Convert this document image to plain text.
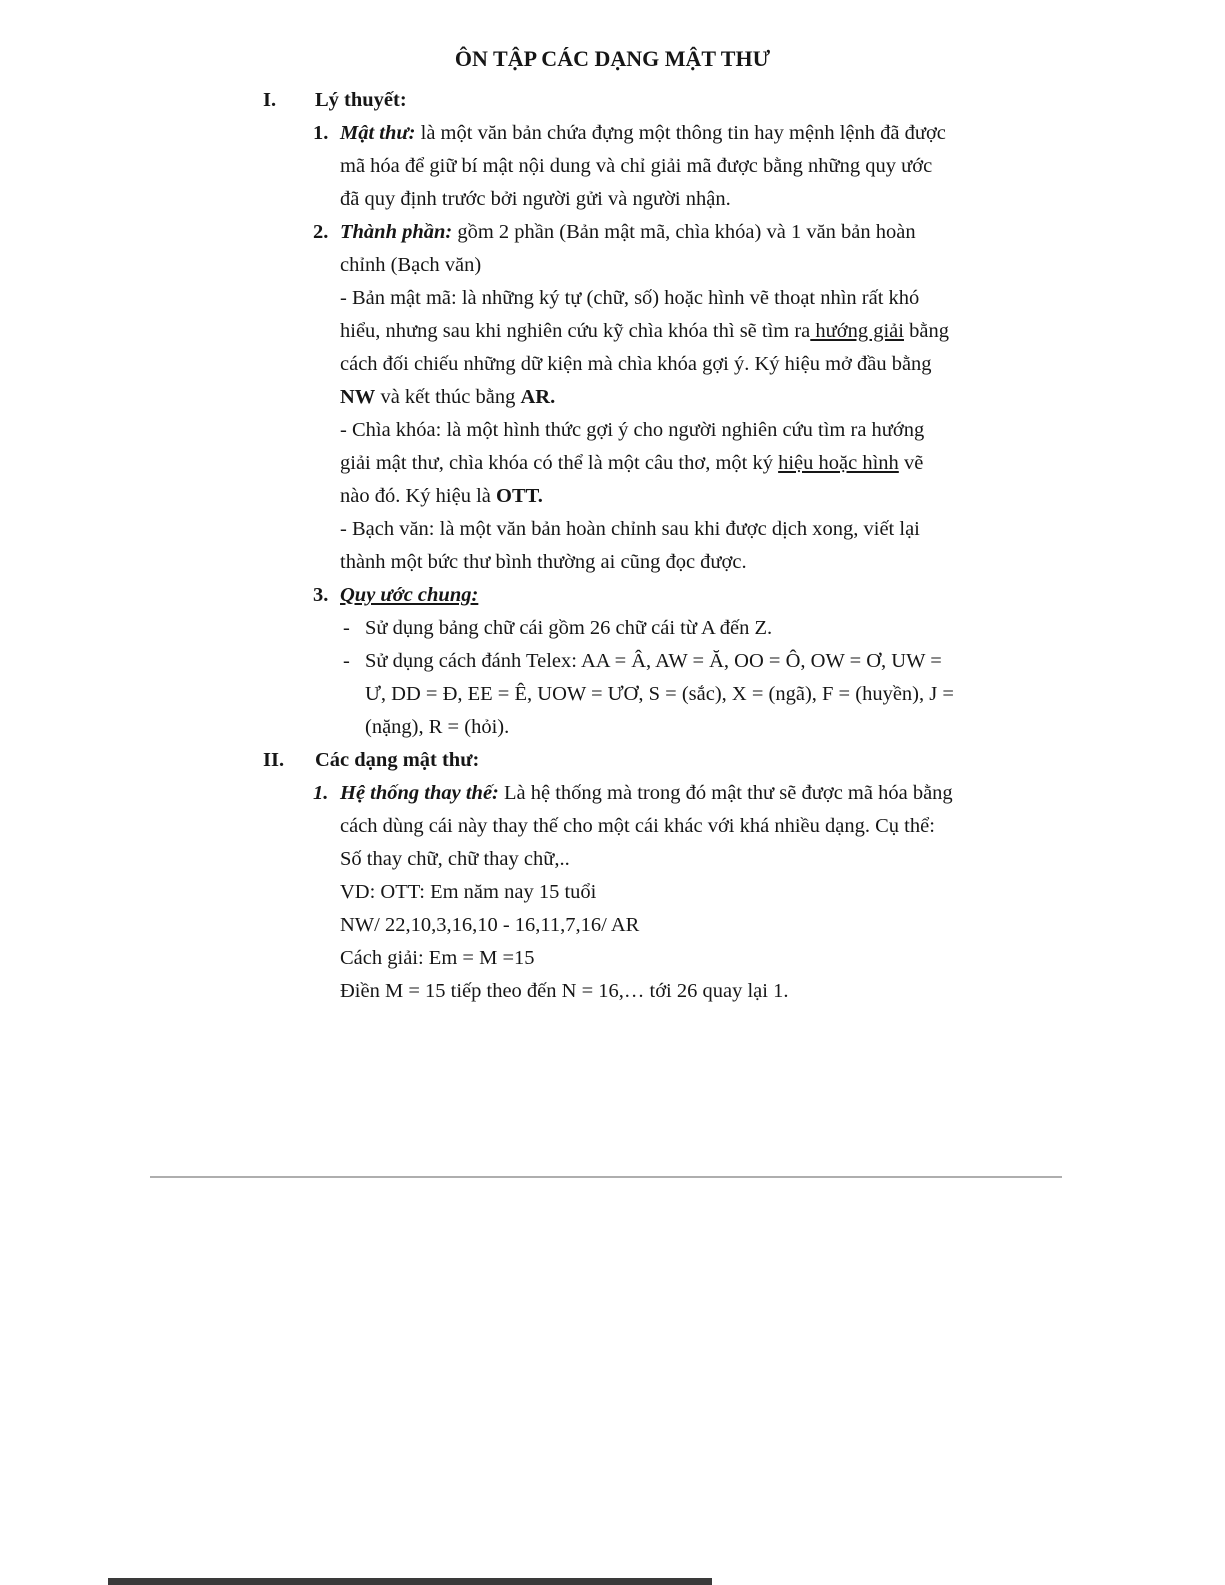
ÔN TẬP CÁC DẠNG MẬT THƯ
I.	Lý thuyết:
1. Mật thư: là một văn bản chứa đựng một thông tin hay mệnh lệnh đã được mã hóa để giữ bí mật nội dung và chỉ giải mã được bằng những quy ước đã quy định trước bởi người gửi và người nhận.

2. Thành phần: gồm 2 phần (Bản mật mã, chìa khóa) và 1 văn bản hoàn chỉnh (Bạch văn)

- Bản mật mã: là những ký tự (chữ, số) hoặc hình vẽ thoạt nhìn rất khó hiểu, nhưng sau khi nghiên cứu kỹ chìa khóa thì sẽ tìm ra hướng giải bằng cách đối chiếu những dữ kiện mà chìa khóa gợi ý. Ký hiệu mở đầu bằng NW và kết thúc bằng AR.

- Chìa khóa: là một hình thức gợi ý cho người nghiên cứu tìm ra hướng giải mật thư, chìa khóa có thể là một câu thơ, một ký hiệu hoặc hình vẽ nào đó. Ký hiệu là OTT.

- Bạch văn: là một văn bản hoàn chỉnh sau khi được dịch xong, viết lại thành một bức thư bình thường ai cũng đọc được.

3. Quy ước chung:

- Sử dụng bảng chữ cái gồm 26 chữ cái từ A đến Z.
- Sử dụng cách đánh Telex: AA = Â, AW = Ă, OO = Ô, OW = Ơ, UW = Ư, DD = Đ, EE = Ê, UOW = ƯƠ, S = (sắc), X = (ngã), F = (huyền), J = (nặng), R = (hỏi).
II.	Các dạng mật thư:
1. Hệ thống thay thế: Là hệ thống mà trong đó mật thư sẽ được mã hóa bằng cách dùng cái này thay thế cho một cái khác với khá nhiều dạng. Cụ thể: Số thay chữ, chữ thay chữ,..

VD: OTT: Em năm nay 15 tuổi

NW/ 22,10,3,16,10 - 16,11,7,16/ AR

Cách giải: Em = M =15

Điền M = 15 tiếp theo đến N = 16,… tới 26 quay lại 1.
